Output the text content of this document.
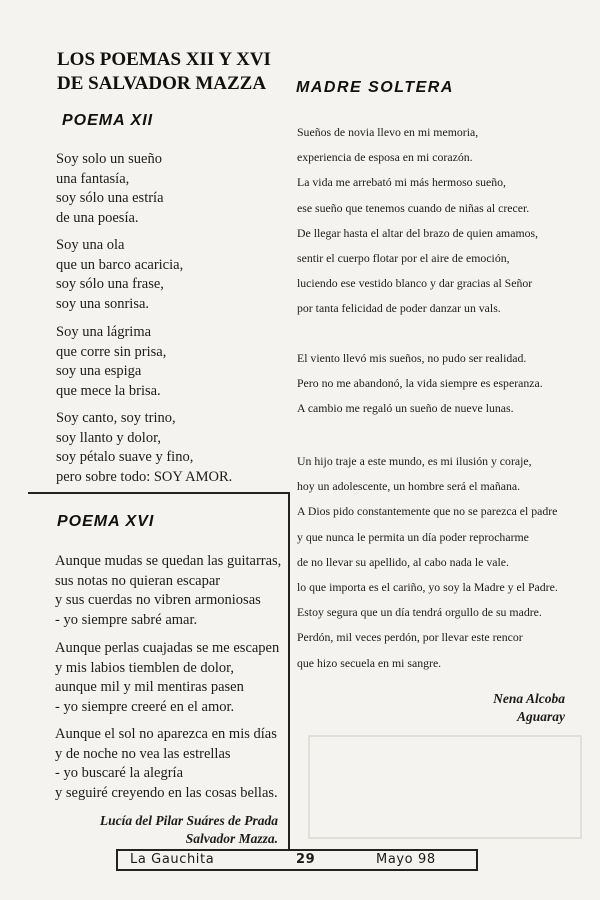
LOS POEMAS XII Y XVI
DE SALVADOR MAZZA
POEMA XII
Soy solo un sueño
una fantasía,
soy sólo una estría
de una poesía.
Soy una ola
que un barco acaricia,
soy sólo una frase,
soy una sonrisa.
Soy una lágrima
que corre sin prisa,
soy una espiga
que mece la brisa.
Soy canto, soy trino,
soy llanto y dolor,
soy pétalo suave y fino,
pero sobre todo: SOY AMOR.
POEMA XVI
Aunque mudas se quedan las guitarras,
sus notas no quieran escapar
y sus cuerdas no vibren armoniosas
- yo siempre sabré amar.
Aunque perlas cuajadas se me escapen
y mis labios tiemblen de dolor,
aunque mil y mil mentiras pasen
- yo siempre creeré en el amor.
Aunque el sol no aparezca en mis días
y de noche no vea las estrellas
- yo buscaré la alegría
y seguiré creyendo en las cosas bellas.
Lucía del Pilar Suáres de Prada
Salvador Mazza.
MADRE SOLTERA
Sueños de novia llevo en mi memoria,
experiencia de esposa en mi corazón.
La vida me arrebató mi más hermoso sueño,
ese sueño que tenemos cuando de niñas al crecer.
De llegar hasta el altar del brazo de quien amamos,
sentir el cuerpo flotar por el aire de emoción,
luciendo ese vestido blanco y dar gracias al Señor
por tanta felicidad de poder danzar un vals.
El viento llevó mis sueños, no pudo ser realidad.
Pero no me abandonó, la vida siempre es esperanza.
A cambio me regaló un sueño de nueve lunas.
Un hijo traje a este mundo, es mi ilusión y coraje,
hoy un adolescente, un hombre será el mañana.
A Dios pido constantemente que no se parezca el padre
y que nunca le permita un día poder reprocharme
de no llevar su apellido, al cabo nada le vale.
lo que importa es el cariño, yo soy la Madre y el Padre.
Estoy segura que un día tendrá orgullo de su madre.
Perdón, mil veces perdón, por llevar este rencor
que hizo secuela en mi sangre.
Nena Alcoba
Aguaray
La Gauchita	29	Mayo 98
